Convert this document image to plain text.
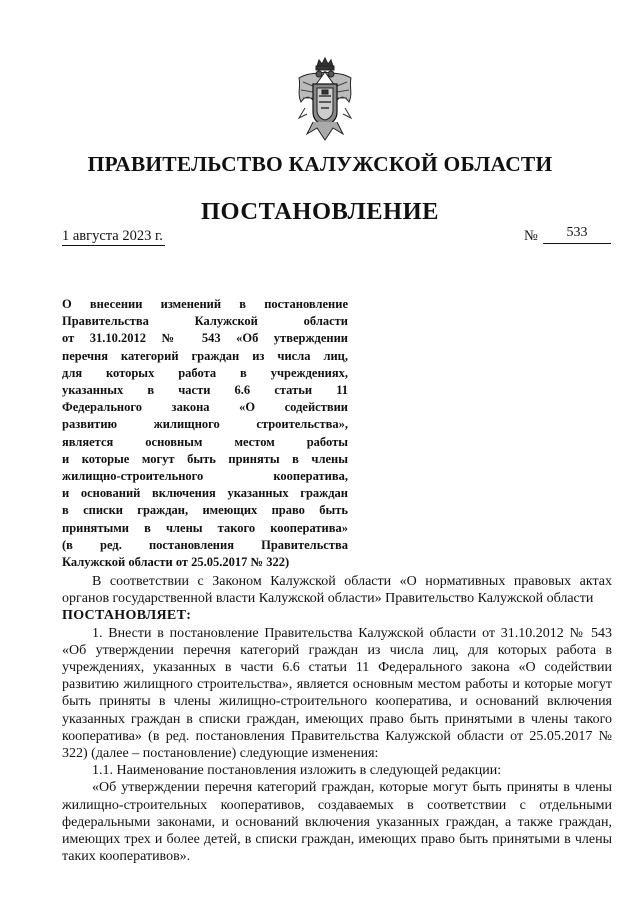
ПРАВИТЕЛЬСТВО КАЛУЖСКОЙ ОБЛАСТИ
ПОСТАНОВЛЕНИЕ
1 августа 2023 г.	№	533
О внесении изменений в постановление
Правительства Калужской области
от 31.10.2012 № 543 «Об утверждении
перечня категорий граждан из числа лиц,
для которых работа в учреждениях,
указанных в части 6.6 статьи 11
Федерального закона «О содействии
развитию жилищного строительства»,
является основным местом работы
и которые могут быть приняты в члены
жилищно-строительного кооператива,
и оснований включения указанных граждан
в списки граждан, имеющих право быть
принятыми в члены такого кооператива»
(в ред. постановления Правительства
Калужской области от 25.05.2017 № 322)

В соответствии с Законом Калужской области «О нормативных правовых актах органов государственной власти Калужской области» Правительство Калужской области

ПОСТАНОВЛЯЕТ:

1. Внести в постановление Правительства Калужской области от 31.10.2012 № 543 «Об утверждении перечня категорий граждан из числа лиц, для которых работа в учреждениях, указанных в части 6.6 статьи 11 Федерального закона «О содействии развитию жилищного строительства», является основным местом работы и которые могут быть приняты в члены жилищно-строительного кооператива, и оснований включения указанных граждан в списки граждан, имеющих право быть принятыми в члены такого кооператива» (в ред. постановления Правительства Калужской области от 25.05.2017 № 322) (далее – постановление) следующие изменения:

1.1. Наименование постановления изложить в следующей редакции:

«Об утверждении перечня категорий граждан, которые могут быть приняты в члены жилищно-строительных кооперативов, создаваемых в соответствии с отдельными федеральными законами, и оснований включения указанных граждан, а также граждан, имеющих трех и более детей, в списки граждан, имеющих право быть принятыми в члены таких кооперативов».
